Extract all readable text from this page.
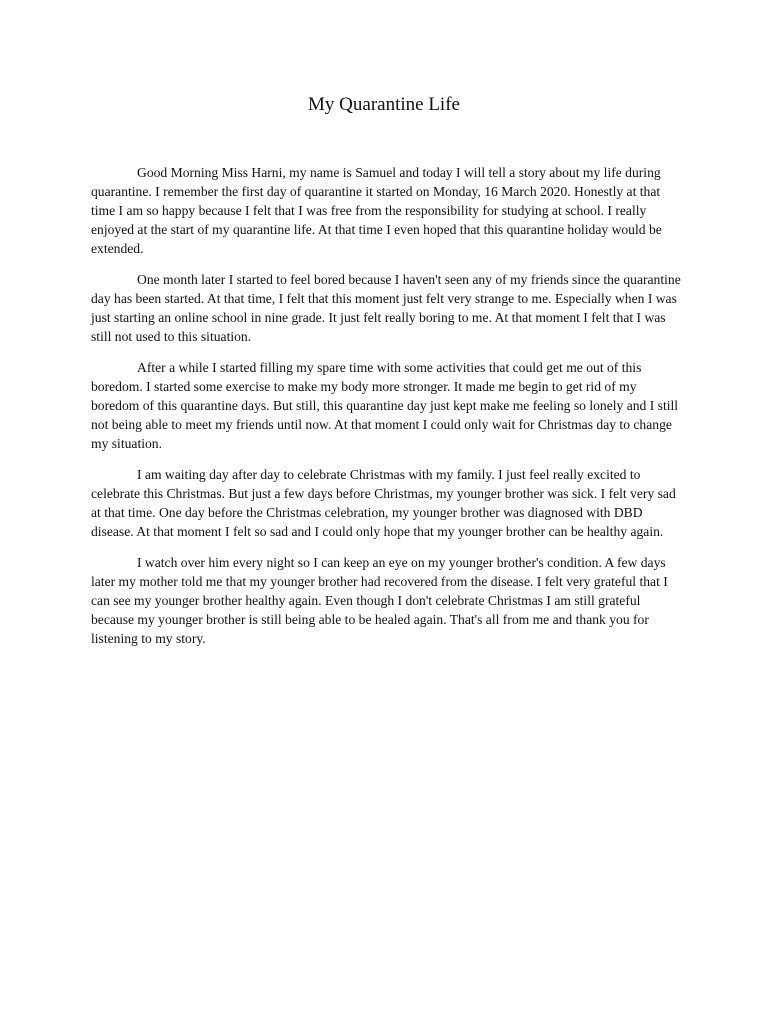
My Quarantine Life

Good Morning Miss Harni, my name is Samuel and today I will tell a story about my life during quarantine. I remember the first day of quarantine it started on Monday, 16 March 2020. Honestly at that time I am so happy because I felt that I was free from the responsibility for studying at school. I really enjoyed at the start of my quarantine life. At that time I even hoped that this quarantine holiday would be extended.

One month later I started to feel bored because I haven't seen any of my friends since the quarantine day has been started. At that time, I felt that this moment just felt very strange to me. Especially when I was just starting an online school in nine grade. It just felt really boring to me. At that moment I felt that I was still not used to this situation.

After a while I started filling my spare time with some activities that could get me out of this boredom. I started some exercise to make my body more stronger. It made me begin to get rid of my boredom of this quarantine days. But still, this quarantine day just kept make me feeling so lonely and I still not being able to meet my friends until now. At that moment I could only wait for Christmas day to change my situation.

I am waiting day after day to celebrate Christmas with my family. I just feel really excited to celebrate this Christmas. But just a few days before Christmas, my younger brother was sick. I felt very sad at that time. One day before the Christmas celebration, my younger brother was diagnosed with DBD disease. At that moment I felt so sad and I could only hope that my younger brother can be healthy again.

I watch over him every night so I can keep an eye on my younger brother's condition. A few days later my mother told me that my younger brother had recovered from the disease. I felt very grateful that I can see my younger brother healthy again. Even though I don't celebrate Christmas I am still grateful because my younger brother is still being able to be healed again. That's all from me and thank you for listening to my story.
